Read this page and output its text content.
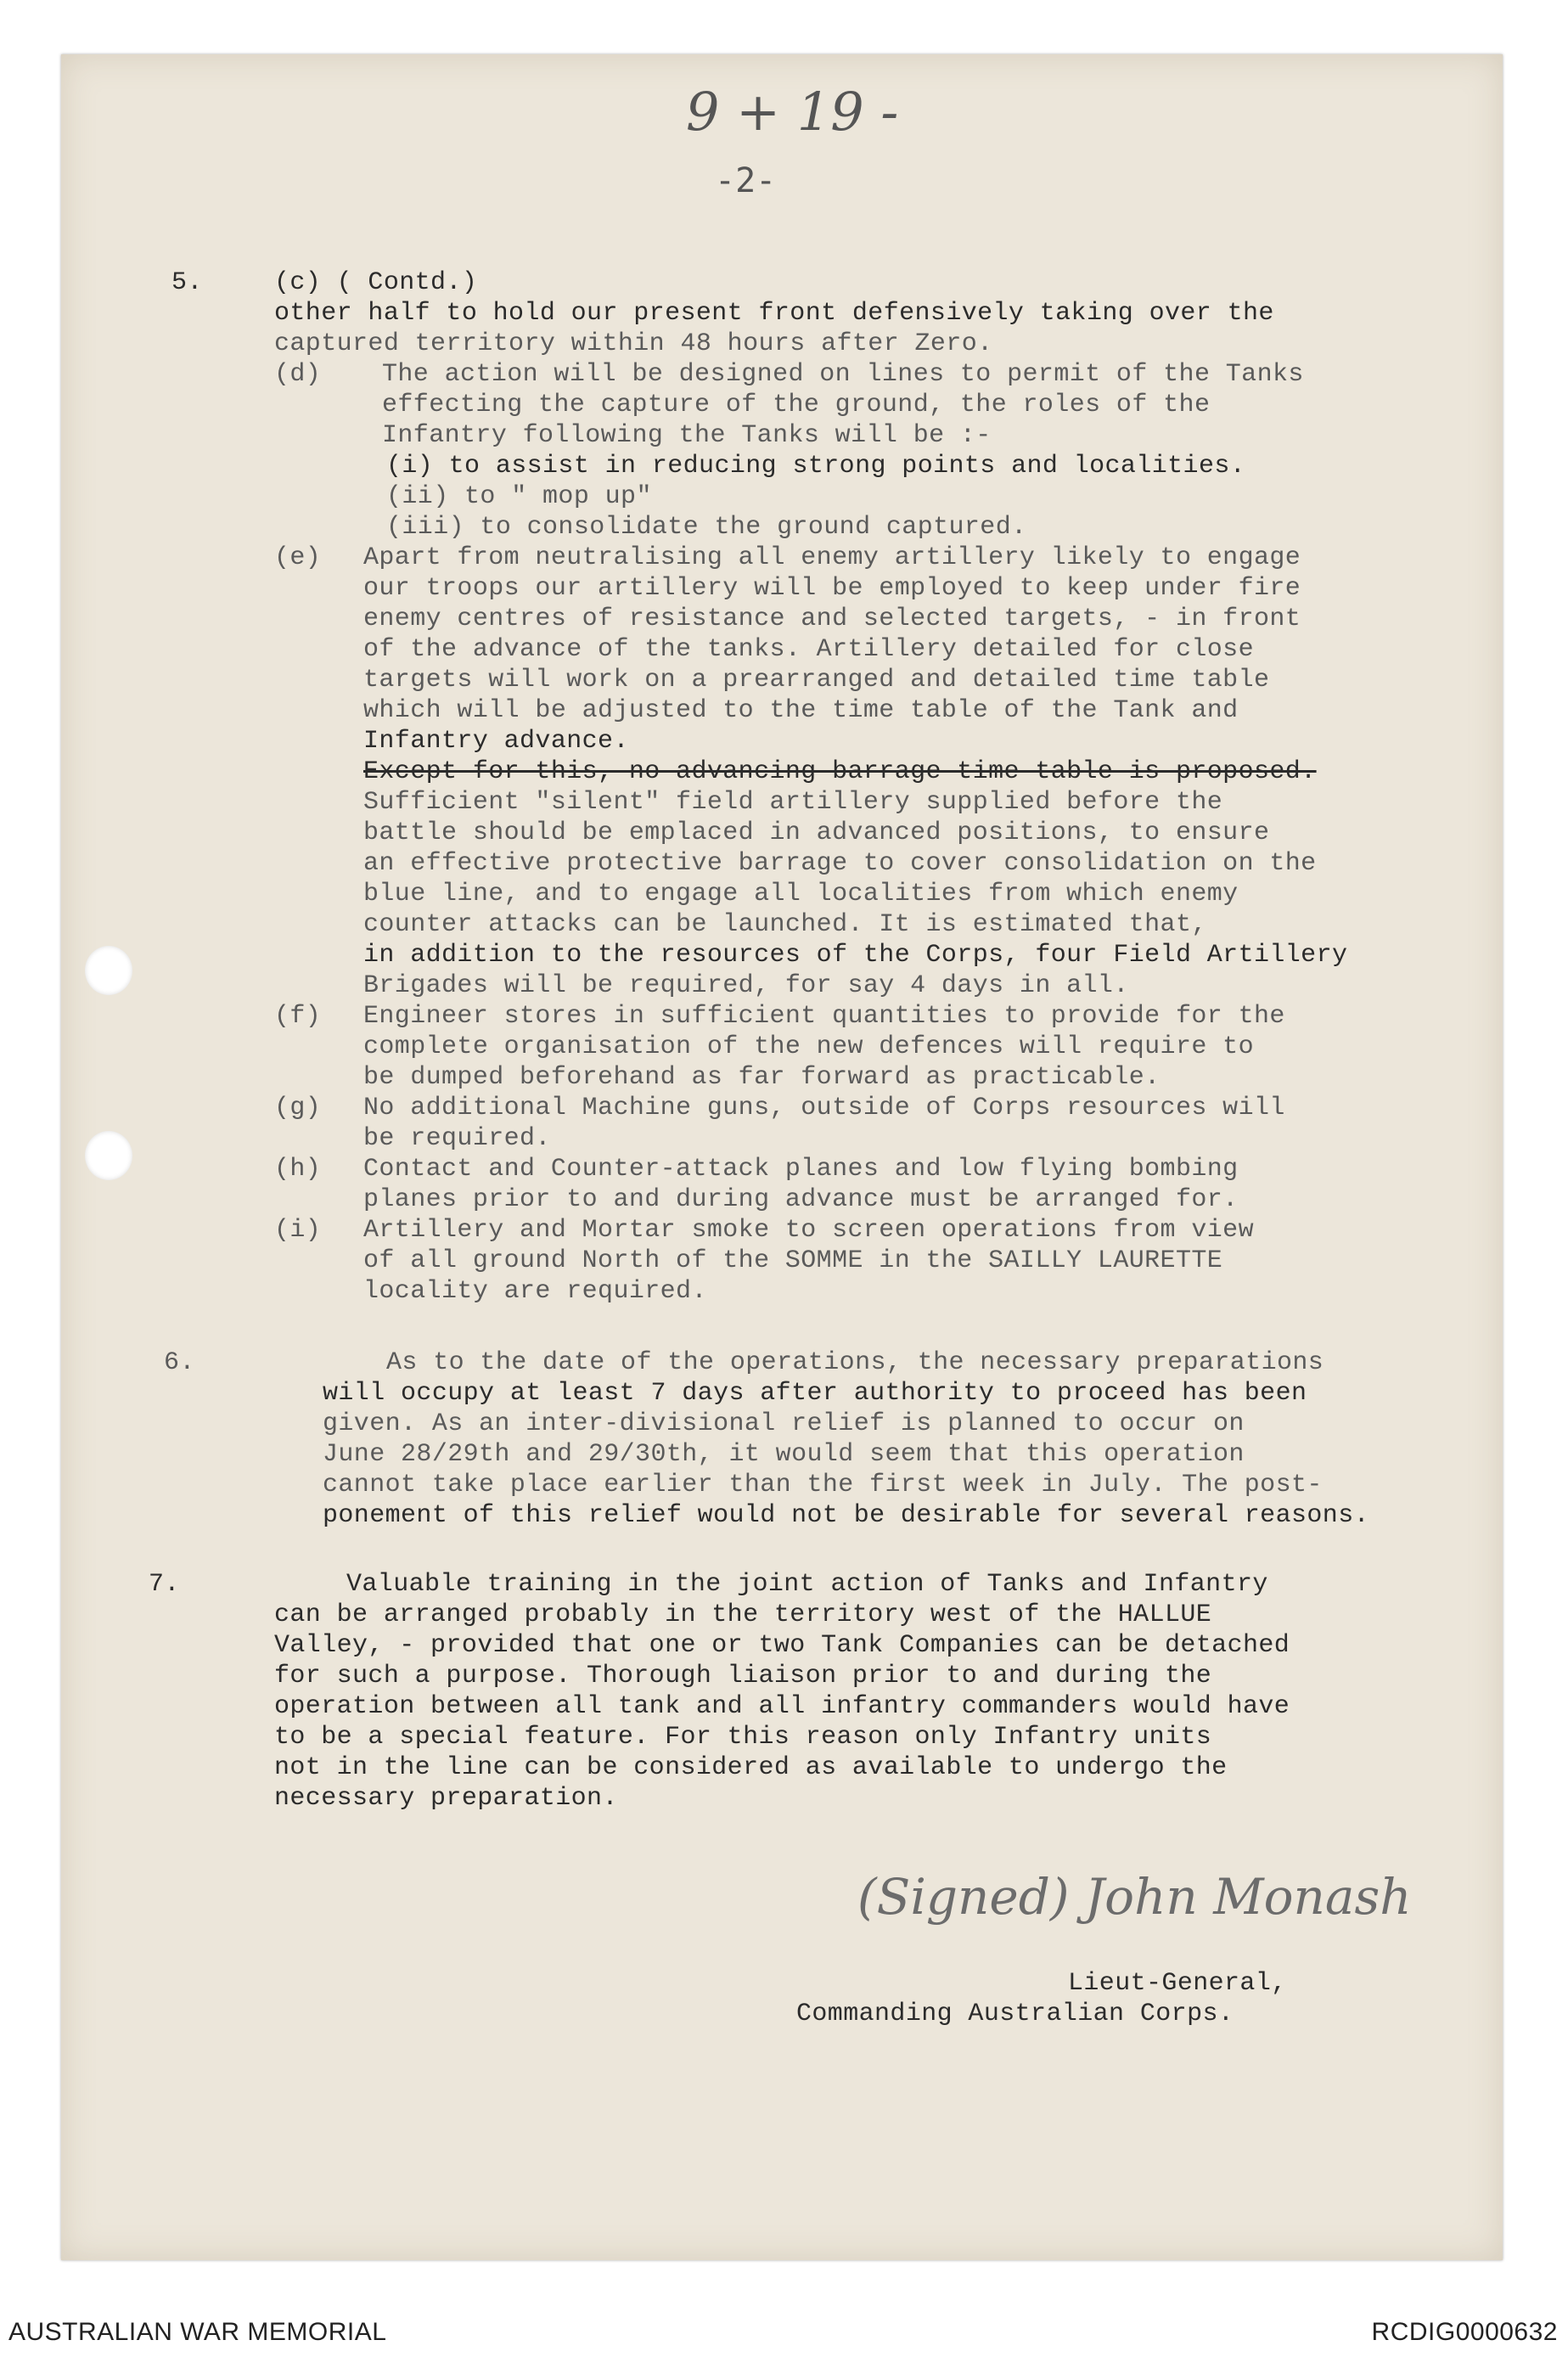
9 + 19 -
-2-
5.	(c) ( Contd.)
other half to hold our present front defensively taking over the
captured territory within 48 hours after Zero.
(d) The action will be designed on lines to permit of the Tanks
effecting the capture of the ground, the roles of the
Infantry following the Tanks will be :-
(i) to assist in reducing strong points and localities.
(ii) to " mop up"
(iii) to consolidate the ground captured.
(e) Apart from neutralising all enemy artillery likely to engage
our troops our artillery will be employed to keep under fire
enemy centres of resistance and selected targets, - in front
of the advance of the tanks. Artillery detailed for close
targets will work on a prearranged and detailed time table
which will be adjusted to the time table of the Tank and
Infantry advance.
Except for this, no advancing barrage time-table is proposed.
Sufficient "silent" field artillery supplied before the
battle should be emplaced in advanced positions, to ensure
an effective protective barrage to cover consolidation on the
blue line, and to engage all localities from which enemy
counter attacks can be launched. It is estimated that,
in addition to the resources of the Corps, four Field Artillery
Brigades will be required, for say 4 days in all.
(f) Engineer stores in sufficient quantities to provide for the
complete organisation of the new defences will require to
be dumped beforehand as far forward as practicable.
(g) No additional Machine guns, outside of Corps resources will
be required.
(h) Contact and Counter-attack planes and low flying bombing
planes prior to and during advance must be arranged for.
(i) Artillery and Mortar smoke to screen operations from view
of all ground North of the SOMME in the SAILLY LAURETTE
locality are required.
6.	As to the date of the operations, the necessary preparations
will occupy at least 7 days after authority to proceed has been
given. As an inter-divisional relief is planned to occur on
June 28/29th and 29/30th, it would seem that this operation
cannot take place earlier than the first week in July. The post-
ponement of this relief would not be desirable for several reasons.
7.	Valuable training in the joint action of Tanks and Infantry
can be arranged probably in the territory west of the HALLUE
Valley, - provided that one or two Tank Companies can be detached
for such a purpose. Thorough liaison prior to and during the
operation between all tank and all infantry commanders would have
to be a special feature. For this reason only Infantry units
not in the line can be considered as available to undergo the
necessary preparation.
Lieut-General,
Commanding Australian Corps.
(Signed) John Monash
AUSTRALIAN WAR MEMORIAL	RCDIG0000632
